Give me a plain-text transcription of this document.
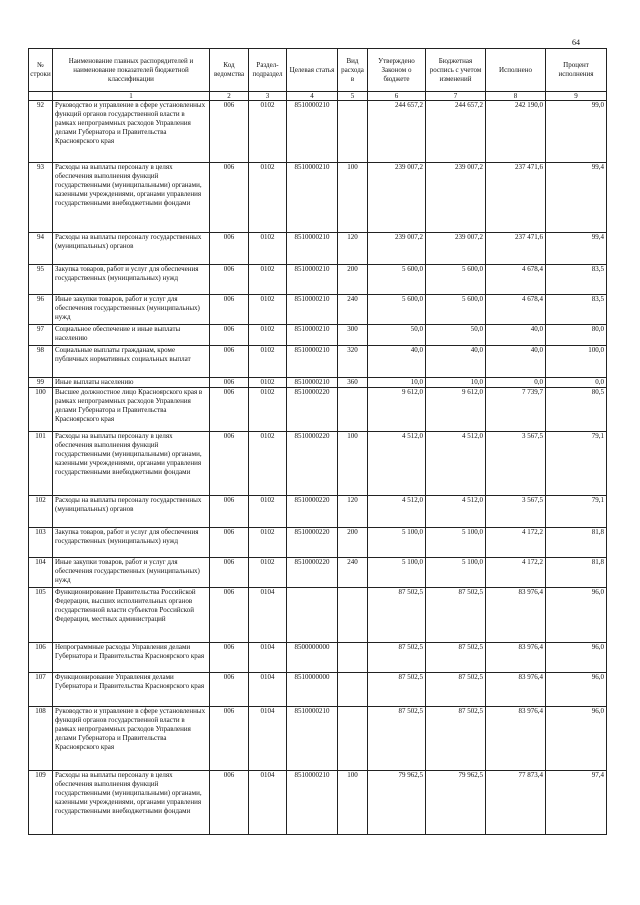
64
№ строки	Наименование главных распорядителей и наименование показателей бюджетной классификации	Код ведомства	Раздел-подраздел	Целевая статья	Вид расхода в	Утверждено Законом о бюджете	Бюджетная роспись с учетом изменений	Исполнено	Процент исполнения
	1	2	3	4	5	6	7	8	9
92	Руководство и управление в сфере установленных функций органов государственной власти в рамках непрограммных расходов Управления делами Губернатора и Правительства Красноярского края	006	0102	8510000210		244 657,2	244 657,2	242 190,0	99,0
93	Расходы на выплаты персоналу в целях обеспечения выполнения функций государственными (муниципальными) органами, казенными учреждениями, органами управления государственными внебюджетными фондами	006	0102	8510000210	100	239 007,2	239 007,2	237 471,6	99,4
94	Расходы на выплаты персоналу государственных (муниципальных) органов	006	0102	8510000210	120	239 007,2	239 007,2	237 471,6	99,4
95	Закупка товаров, работ и услуг для обеспечения государственных (муниципальных) нужд	006	0102	8510000210	200	5 600,0	5 600,0	4 678,4	83,5
96	Иные закупки товаров, работ и услуг для обеспечения государственных (муниципальных) нужд	006	0102	8510000210	240	5 600,0	5 600,0	4 678,4	83,5
97	Социальное обеспечение и иные выплаты населению	006	0102	8510000210	300	50,0	50,0	40,0	80,0
98	Социальные выплаты гражданам, кроме публичных нормативных социальных выплат	006	0102	8510000210	320	40,0	40,0	40,0	100,0
99	Иные выплаты населению	006	0102	8510000210	360	10,0	10,0	0,0	0,0
100	Высшее должностное лицо Красноярского края в рамках непрограммных расходов Управления делами Губернатора и Правительства Красноярского края	006	0102	8510000220		9 612,0	9 612,0	7 739,7	80,5
101	Расходы на выплаты персоналу в целях обеспечения выполнения функций государственными (муниципальными) органами, казенными учреждениями, органами управления государственными внебюджетными фондами	006	0102	8510000220	100	4 512,0	4 512,0	3 567,5	79,1
102	Расходы на выплаты персоналу государственных (муниципальных) органов	006	0102	8510000220	120	4 512,0	4 512,0	3 567,5	79,1
103	Закупка товаров, работ и услуг для обеспечения государственных (муниципальных) нужд	006	0102	8510000220	200	5 100,0	5 100,0	4 172,2	81,8
104	Иные закупки товаров, работ и услуг для обеспечения государственных (муниципальных) нужд	006	0102	8510000220	240	5 100,0	5 100,0	4 172,2	81,8
105	Функционирование Правительства Российской Федерации, высших исполнительных органов государственной власти субъектов Российской Федерации, местных администраций	006	0104			87 502,5	87 502,5	83 976,4	96,0
106	Непрограммные расходы Управления делами Губернатора и Правительства Красноярского края	006	0104	8500000000		87 502,5	87 502,5	83 976,4	96,0
107	Функционирование Управления делами Губернатора и Правительства Красноярского края	006	0104	8510000000		87 502,5	87 502,5	83 976,4	96,0
108	Руководство и управление в сфере установленных функций органов государственной власти в рамках непрограммных расходов Управления делами Губернатора и Правительства Красноярского края	006	0104	8510000210		87 502,5	87 502,5	83 976,4	96,0
109	Расходы на выплаты персоналу в целях обеспечения выполнения функций государственными (муниципальными) органами, казенными учреждениями, органами управления государственными внебюджетными фондами	006	0104	8510000210	100	79 962,5	79 962,5	77 873,4	97,4
